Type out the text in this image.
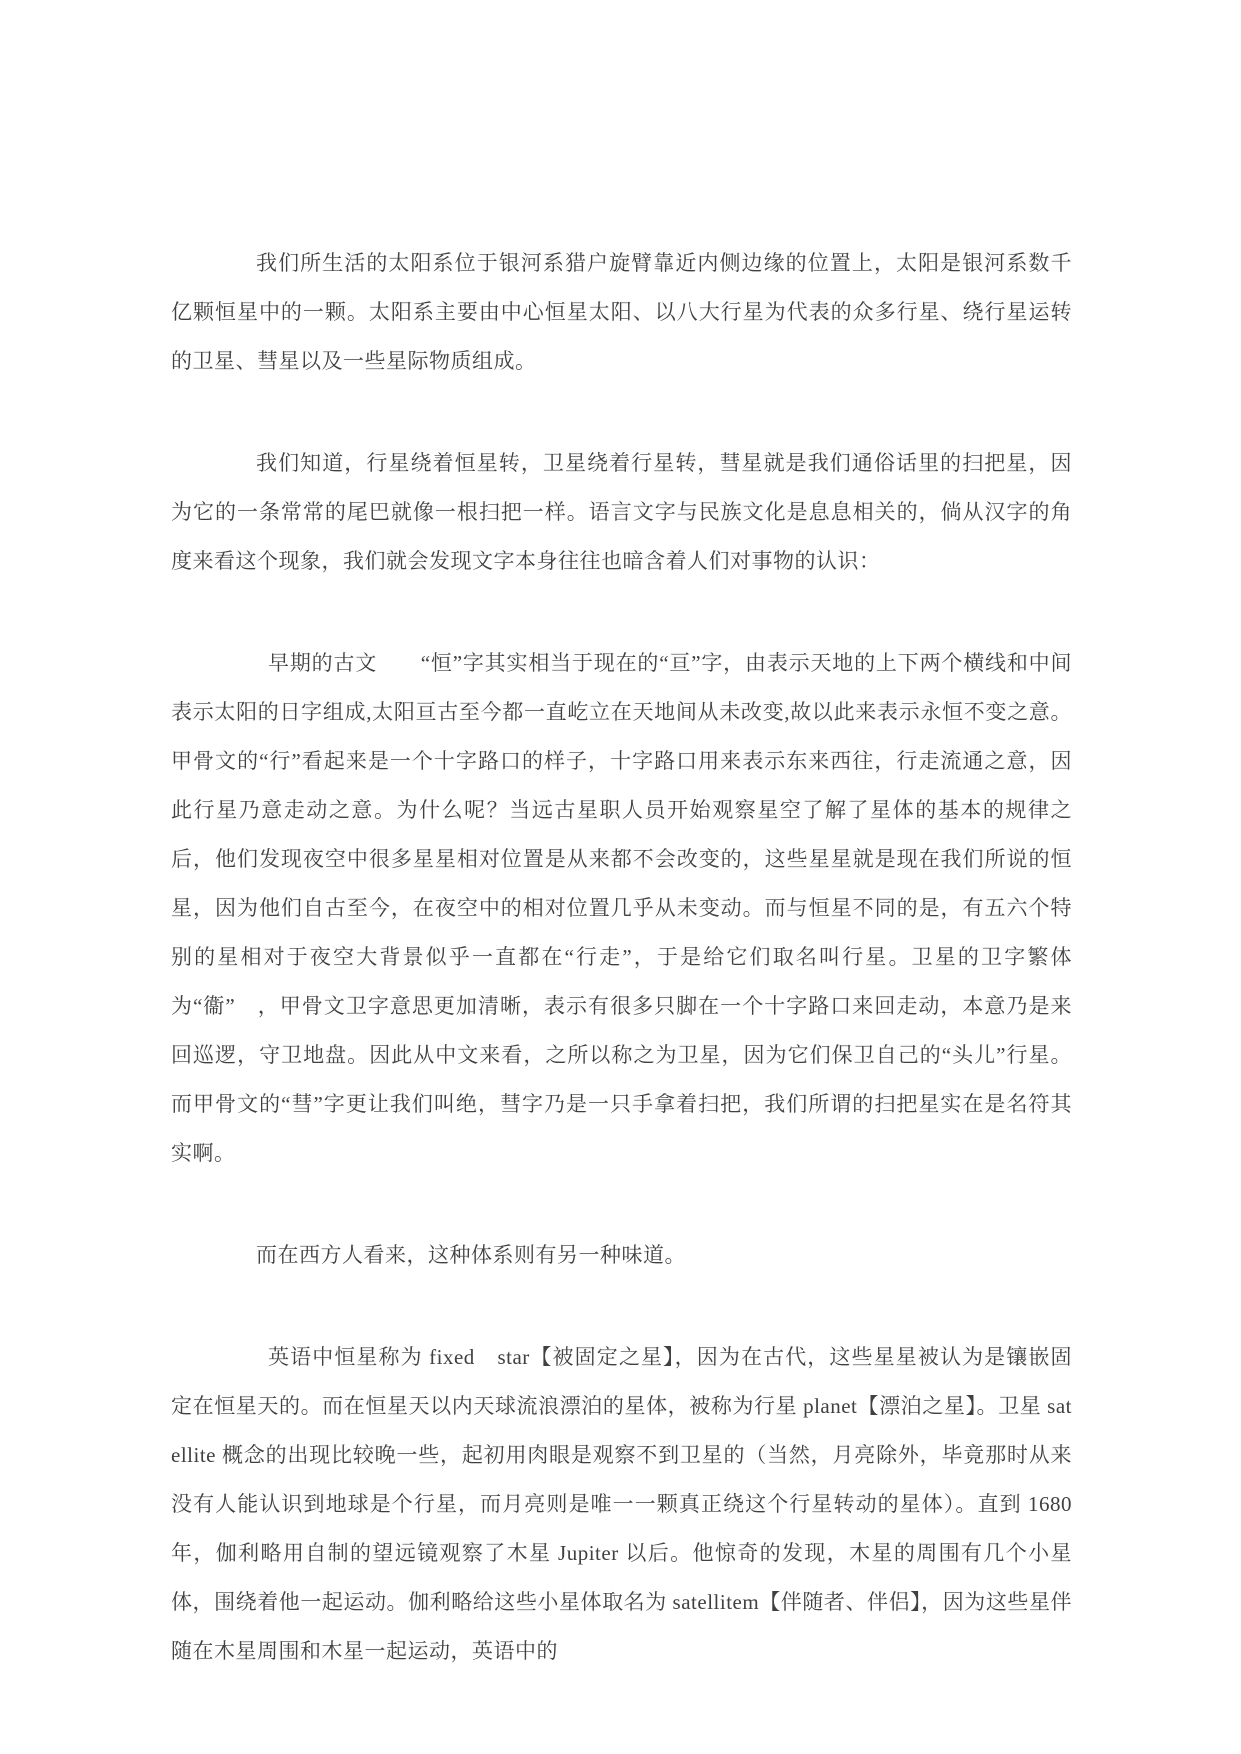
我们所生活的太阳系位于银河系猎户旋臂靠近内侧边缘的位置上，太阳是银河系数千亿颗恒星中的一颗。太阳系主要由中心恒星太阳、以八大行星为代表的众多行星、绕行星运转的卫星、彗星以及一些星际物质组成。

我们知道，行星绕着恒星转，卫星绕着行星转，彗星就是我们通俗话里的扫把星，因为它的一条常常的尾巴就像一根扫把一样。语言文字与民族文化是息息相关的，倘从汉字的角度来看这个现象，我们就会发现文字本身往往也暗含着人们对事物的认识：

早期的古文　　“恒”字其实相当于现在的“亘”字，由表示天地的上下两个横线和中间表示太阳的日字组成,太阳亘古至今都一直屹立在天地间从未改变,故以此来表示永恒不变之意。甲骨文的“行”看起来是一个十字路口的样子，十字路口用来表示东来西往，行走流通之意，因此行星乃意走动之意。为什么呢？当远古星职人员开始观察星空了解了星体的基本的规律之后，他们发现夜空中很多星星相对位置是从来都不会改变的，这些星星就是现在我们所说的恒星，因为他们自古至今，在夜空中的相对位置几乎从未变动。而与恒星不同的是，有五六个特别的星相对于夜空大背景似乎一直都在“行走”，于是给它们取名叫行星。卫星的卫字繁体为“衞”　，甲骨文卫字意思更加清晰，表示有很多只脚在一个十字路口来回走动，本意乃是来回巡逻，守卫地盘。因此从中文来看，之所以称之为卫星，因为它们保卫自己的“头儿”行星。而甲骨文的“彗”字更让我们叫绝，彗字乃是一只手拿着扫把，我们所谓的扫把星实在是名符其实啊。

而在西方人看来，这种体系则有另一种味道。

英语中恒星称为 fixed　star【被固定之星】，因为在古代，这些星星被认为是镶嵌固定在恒星天的。而在恒星天以内天球流浪漂泊的星体，被称为行星 planet【漂泊之星】。卫星 satellite 概念的出现比较晚一些，起初用肉眼是观察不到卫星的（当然，月亮除外，毕竟那时从来没有人能认识到地球是个行星，而月亮则是唯一一颗真正绕这个行星转动的星体）。直到 1680 年，伽利略用自制的望远镜观察了木星 Jupiter 以后。他惊奇的发现，木星的周围有几个小星体，围绕着他一起运动。伽利略给这些小星体取名为 satellitem【伴随者、伴侣】，因为这些星伴随在木星周围和木星一起运动，英语中的
